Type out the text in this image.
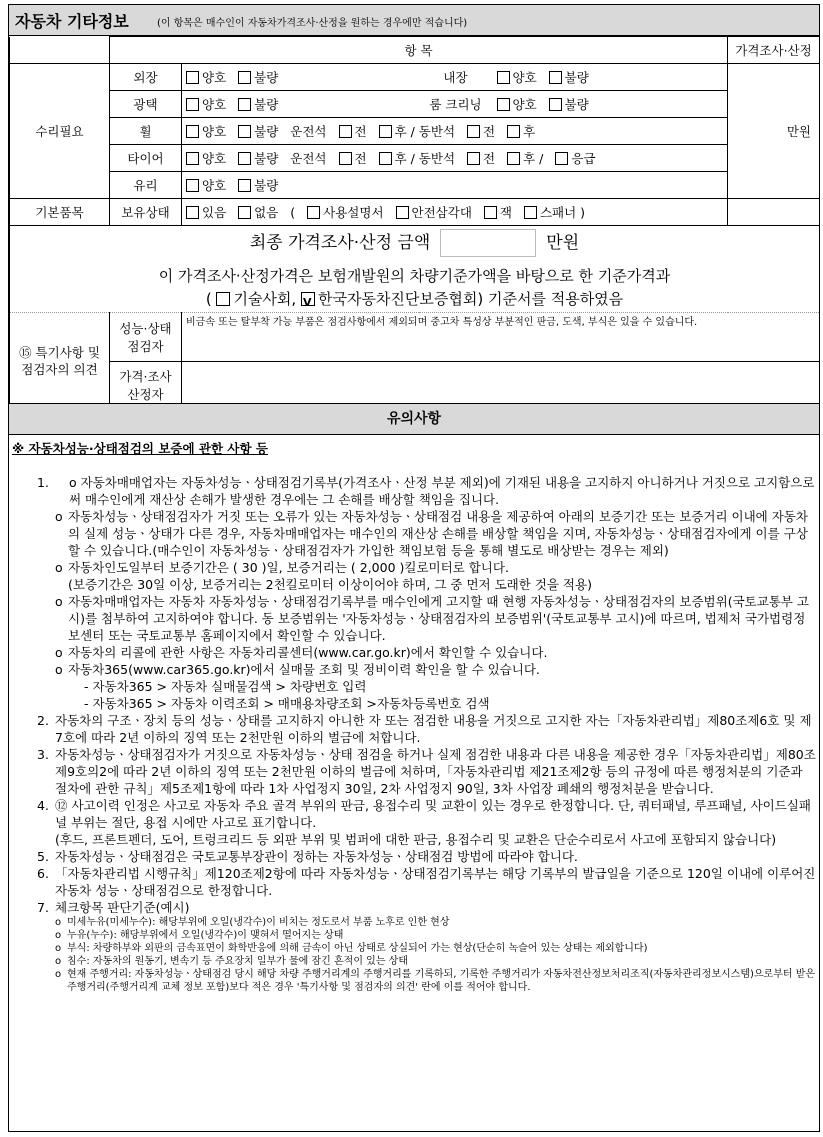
자동차 기타정보	(이 항목은 매수인이 자동차가격조사·산정을 원하는 경우에만 적습니다)
	항 목				가격조사·산정
수리필요	외장	양호 불량	내장	양호 불량	만원
	광택	양호 불량	룸 크리닝	양호 불량	
	휠	양호 불량 운전석 전 후 / 동반석 전 후			
	타이어	양호 불량 운전석 전 후 / 동반석 전 후 / 응급			
	유리	양호 불량			
기본품목	보유상태	있음 없음 ( 사용설명서 안전삼각대 잭 스패너 )			

최종 가격조사·산정 금액 만원
이 가격조사·산정가격은 보험개발원의 차량기준가액을 바탕으로 한 기준가격과
( 기술사회, V 한국자동차진단보증협회) 기준서를 적용하였음

⑮ 특기사항 및 점검자의 의견	성능·상태점검자	비금속 또는 탈부착 가능 부품은 점검사항에서 제외되며 중고차 특성상 부분적인 판금, 도색, 부식은 있을 수 있습니다.			
	가격·조사산정자				
유의사항
※ 자동차성능·상태점검의 보증에 관한 사항 등
1. ο 자동차매매업자는 자동차성능ㆍ상태점검기록부(가격조사ㆍ산정 부분 제외)에 기재된 내용을 고지하지 아니하거나 거짓으로 고지함으로써 매수인에게 재산상 손해가 발생한 경우에는 그 손해를 배상할 책임을 집니다.
ο 자동차성능ㆍ상태점검자가 거짓 또는 오류가 있는 자동차성능ㆍ상태점검 내용을 제공하여 아래의 보증기간 또는 보증거리 이내에 자동차의 실제 성능ㆍ상태가 다른 경우, 자동차매매업자는 매수인의 재산상 손해를 배상할 책임을 지며, 자동차성능ㆍ상태점검자에게 이를 구상할 수 있습니다.(매수인이 자동차성능ㆍ상태점검자가 가입한 책임보험 등을 통해 별도로 배상받는 경우는 제외)
ο 자동차인도일부터 보증기간은 ( 30 )일, 보증거리는 ( 2,000 )킬로미터로 합니다.
(보증기간은 30일 이상, 보증거리는 2천킬로미터 이상이어야 하며, 그 중 먼저 도래한 것을 적용)
ο 자동차매매업자는 자동차 자동차성능ㆍ상태점검기록부를 매수인에게 고지할 때 현행 자동차성능ㆍ상태점검자의 보증범위(국토교통부 고시)를 첨부하여 고지하여야 합니다. 동 보증범위는 '자동차성능ㆍ상태점검자의 보증범위'(국토교통부 고시)에 따르며, 법제처 국가법령정보센터 또는 국토교통부 홈페이지에서 확인할 수 있습니다.
ο 자동차의 리콜에 관한 사항은 자동차리콜센터(www.car.go.kr)에서 확인할 수 있습니다.
ο 자동차365(www.car365.go.kr)에서 실매물 조회 및 정비이력 확인을 할 수 있습니다.
- 자동차365 > 자동차 실매물검색 > 차량번호 입력
- 자동차365 > 자동차 이력조회 > 매매용차량조회 >자동차등록번호 검색
2. 자동차의 구조ㆍ장치 등의 성능ㆍ상태를 고지하지 아니한 자 또는 점검한 내용을 거짓으로 고지한 자는「자동차관리법」제80조제6호 및 제7호에 따라 2년 이하의 징역 또는 2천만원 이하의 벌금에 처합니다.
3. 자동차성능ㆍ상태점검자가 거짓으로 자동차성능ㆍ상태 점검을 하거나 실제 점검한 내용과 다른 내용을 제공한 경우「자동차관리법」제80조제9호의2에 따라 2년 이하의 징역 또는 2천만원 이하의 벌금에 처하며,「자동차관리법 제21조제2항 등의 규정에 따른 행정처분의 기준과 절차에 관한 규칙」제5조제1항에 따라 1차 사업정지 30일, 2차 사업정지 90일, 3차 사업장 폐쇄의 행정처분을 받습니다.
4. ⑫ 사고이력 인정은 사고로 자동차 주요 골격 부위의 판금, 용접수리 및 교환이 있는 경우로 한정합니다. 단, 쿼터패널, 루프패널, 사이드실패널 부위는 절단, 용접 시에만 사고로 표기합니다.
(후드, 프론트펜더, 도어, 트렁크리드 등 외판 부위 및 범퍼에 대한 판금, 용접수리 및 교환은 단순수리로서 사고에 포함되지 않습니다)
5. 자동차성능ㆍ상태점검은 국토교통부장관이 정하는 자동차성능ㆍ상태점검 방법에 따라야 합니다.
6. 「자동차관리법 시행규칙」제120조제2항에 따라 자동차성능ㆍ상태점검기록부는 해당 기록부의 발급일을 기준으로 120일 이내에 이루어진 자동차 성능ㆍ상태점검으로 한정합니다.
7. 체크항목 판단기준(예시)
ο 미세누유(미세누수): 해당부위에 오일(냉각수)이 비치는 정도로서 부품 노후로 인한 현상
ο 누유(누수): 해당부위에서 오일(냉각수)이 맺혀서 떨어지는 상태
ο 부식: 차량하부와 외판의 금속표면이 화학반응에 의해 금속이 아닌 상태로 상실되어 가는 현상(단순히 녹슬어 있는 상태는 제외합니다)
ο 침수: 자동차의 원동기, 변속기 등 주요장치 일부가 물에 잠긴 흔적이 있는 상태
ο 현재 주행거리: 자동차성능ㆍ상태점검 당시 해당 차량 주행거리계의 주행거리를 기록하되, 기록한 주행거리가 자동차전산정보처리조직(자동차관리정보시스템)으로부터 받은 주행거리(주행거리계 교체 정보 포함)보다 적은 경우 '특기사항 및 점검자의 의견' 란에 이를 적어야 합니다.
